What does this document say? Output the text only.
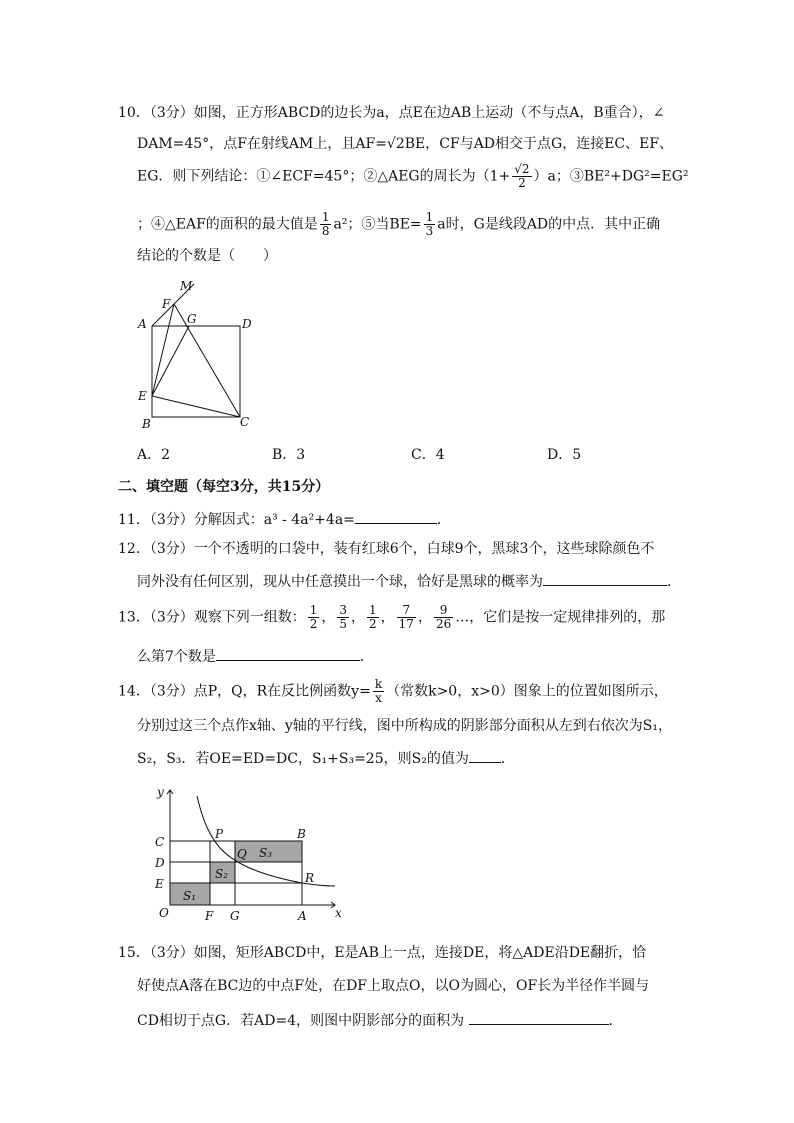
10．（3分）如图，正方形ABCD的边长为a，点E在边AB上运动（不与点A，B重合），∠
DAM=45°，点F在射线AM上，且AF=√2BE，CF与AD相交于点G，连接EC、EF、
EG．则下列结论：①∠ECF=45°；②△AEG的周长为$(1+ \frac{√2}{2} )a$；③BE²+DG²=EG²
；④△EAF的面积的最大值是 $\frac{1}{8} a^2$；⑤当$BE= \frac{1}{3}$ a时，G是线段AD的中点．其中正确
结论的个数是（　　）
M
F
A	G	D
E
B	C
A．2	B．3	C．4	D．5
二、填空题（每空3分，共15分）
11．（3分）分解因式：a³ - 4a²+4a=	．
12．（3分）一个不透明的口袋中，装有红球6个，白球9个，黑球3个，这些球除颜色不
同外没有任何区别，现从中任意摸出一个球，恰好是黑球的概率为	．
13．（3分）观察下列一组数： $\frac{1}{2}$ ， $\frac{3}{5}$ ， $\frac{1}{2}$ ， $\frac{7}{17}$ ， $\frac{9}{26}$ …，它们是按一定规律排列的，那
么第7个数是	．
14．（3分）点P，Q，R在反比例函数$y= \frac{k}{x}$ （常数k>0，x>0）图象上的位置如图所示，
分别过这三个点作x轴、y轴的平行线，图中所构成的阴影部分面积从左到右依次为S₁，
S₂，S₃．若OE=ED=DC，S₁+S₃=25，则S₂的值为 ．
y
x
O
C
D
E
F G	A
P
Q
B
R
S₁
S₂
S₃
15．（3分）如图，矩形ABCD中，E是AB上一点，连接DE，将△ADE沿DE翻折，恰
好使点A落在BC边的中点F处，在DF上取点O，以O为圆心，OF长为半径作半圆与
CD相切于点G．若AD=4，则图中阴影部分的面积为	．
